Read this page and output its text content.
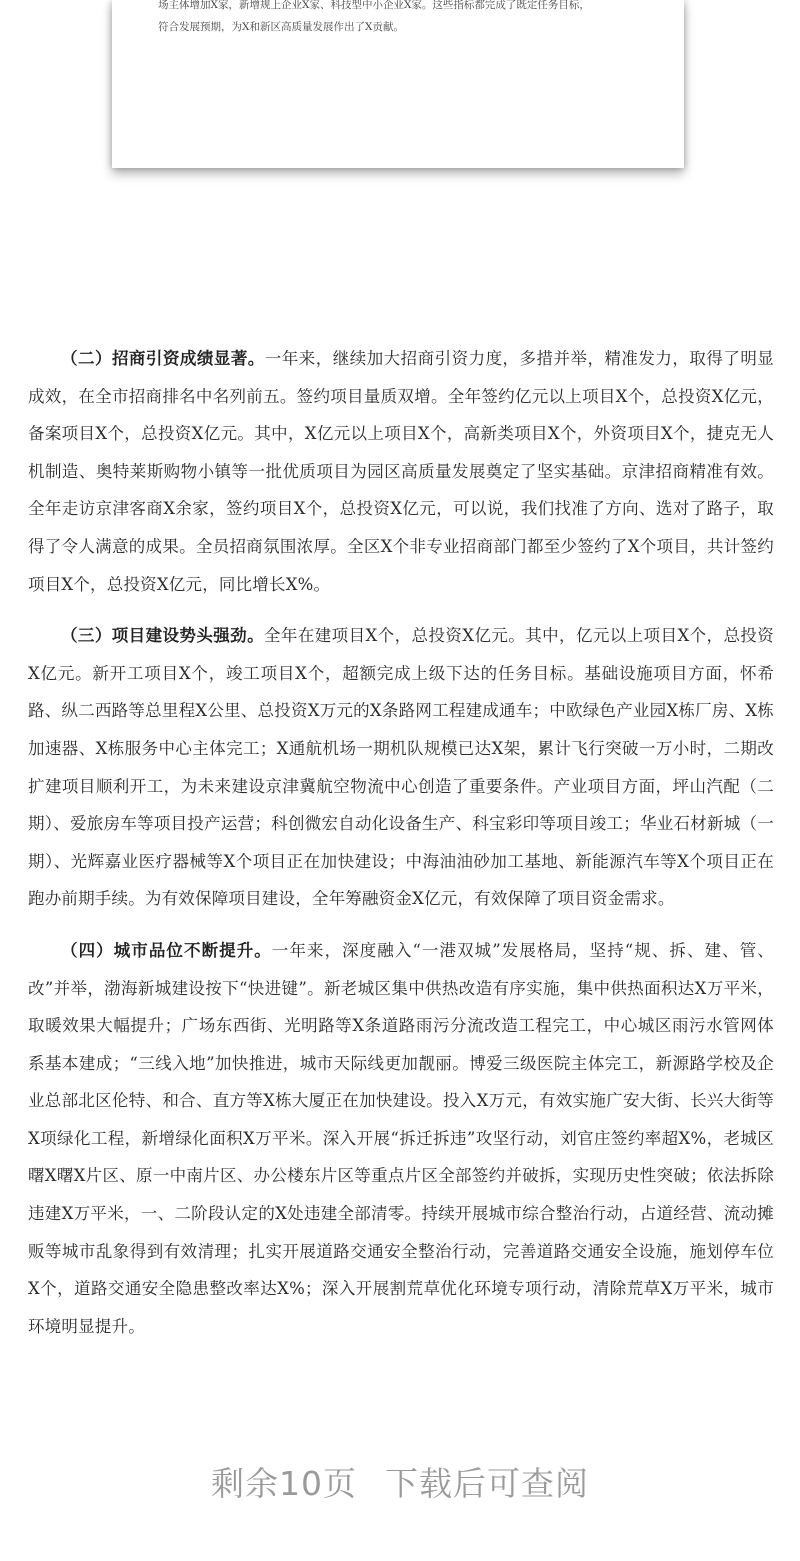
场主体增加X家，新增规上企业X家、科技型中小企业X家。这些指标都完成了既定任务目标，
符合发展预期，为X和新区高质量发展作出了X贡献。

（二）招商引资成绩显著。一年来，继续加大招商引资力度，多措并举，精准发力，取得了明显成效，在全市招商排名中名列前五。签约项目量质双增。全年签约亿元以上项目X个，总投资X亿元，备案项目X个，总投资X亿元。其中，X亿元以上项目X个，高新类项目X个，外资项目X个，捷克无人机制造、奥特莱斯购物小镇等一批优质项目为园区高质量发展奠定了坚实基础。京津招商精准有效。全年走访京津客商X余家，签约项目X个，总投资X亿元，可以说，我们找准了方向、选对了路子，取得了令人满意的成果。全员招商氛围浓厚。全区X个非专业招商部门都至少签约了X个项目，共计签约项目X个，总投资X亿元，同比增长X%。

（三）项目建设势头强劲。全年在建项目X个，总投资X亿元。其中，亿元以上项目X个，总投资X亿元。新开工项目X个，竣工项目X个，超额完成上级下达的任务目标。基础设施项目方面，怀希路、纵二西路等总里程X公里、总投资X万元的X条路网工程建成通车；中欧绿色产业园X栋厂房、X栋加速器、X栋服务中心主体完工；X通航机场一期机队规模已达X架，累计飞行突破一万小时，二期改扩建项目顺利开工，为未来建设京津冀航空物流中心创造了重要条件。产业项目方面，坪山汽配（二期）、爱旅房车等项目投产运营；科创微宏自动化设备生产、科宝彩印等项目竣工；华业石材新城（一期）、光辉嘉业医疗器械等X个项目正在加快建设；中海油油砂加工基地、新能源汽车等X个项目正在跑办前期手续。为有效保障项目建设，全年筹融资金X亿元，有效保障了项目资金需求。

（四）城市品位不断提升。一年来，深度融入“一港双城”发展格局，坚持“规、拆、建、管、改”并举，渤海新城建设按下“快进键”。新老城区集中供热改造有序实施，集中供热面积达X万平米，取暖效果大幅提升；广场东西街、光明路等X条道路雨污分流改造工程完工，中心城区雨污水管网体系基本建成；“三线入地”加快推进，城市天际线更加靓丽。博爱三级医院主体完工，新源路学校及企业总部北区伦特、和合、直方等X栋大厦正在加快建设。投入X万元，有效实施广安大街、长兴大街等X项绿化工程，新增绿化面积X万平米。深入开展“拆迁拆违”攻坚行动，刘官庄签约率超X%，老城区曙X曙X片区、原一中南片区、办公楼东片区等重点片区全部签约并破拆，实现历史性突破；依法拆除违建X万平米，一、二阶段认定的X处违建全部清零。持续开展城市综合整治行动，占道经营、流动摊贩等城市乱象得到有效清理；扎实开展道路交通安全整治行动，完善道路交通安全设施，施划停车位X个，道路交通安全隐患整改率达X%；深入开展割荒草优化环境专项行动，清除荒草X万平米，城市环境明显提升。

剩余10页 下载后可查阅
